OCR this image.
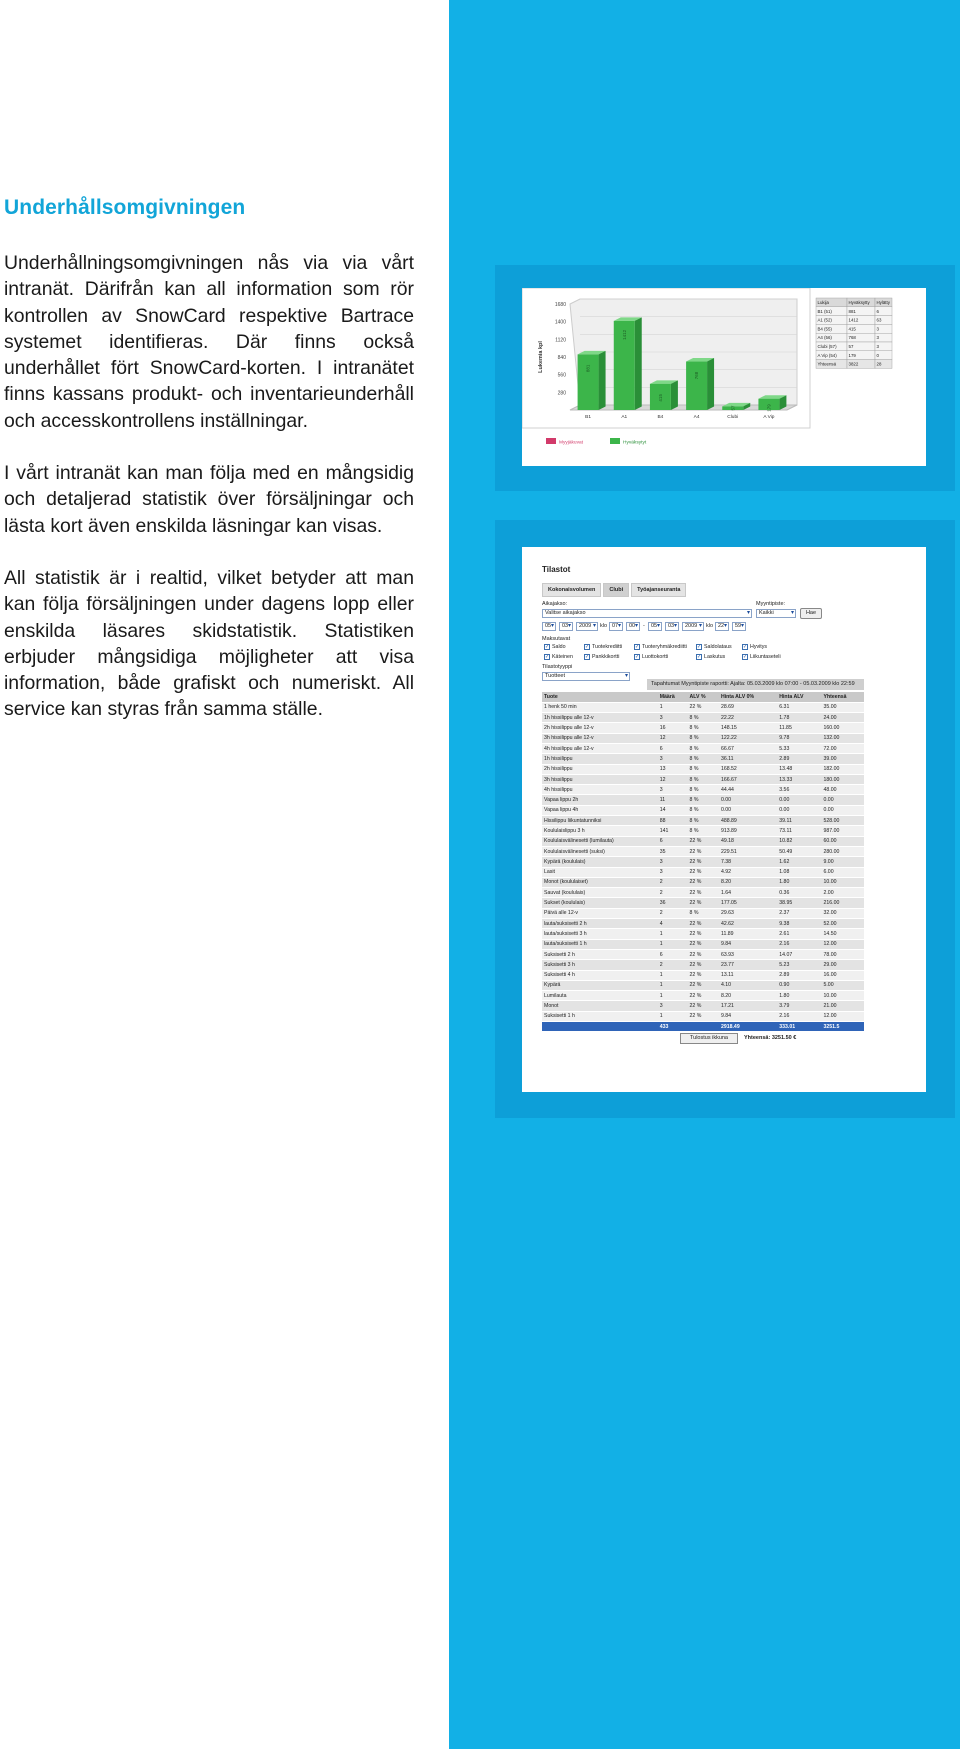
Underhållsomgivningen

Underhållningsomgivningen nås via via vårt intranät. Därifrån kan all information som rör kontrollen av SnowCard respektive Bartrace systemet identifieras. Där finns också underhållet fört SnowCard-korten. I intranätet finns kassans produkt- och inventarieunderhåll och accesskontrollens inställningar.

I vårt intranät kan man följa med en mångsidig och detaljerad statistik över försäljningar och lästa kort även enskilda läsningar kan visas.

All statistik är i realtid, vilket betyder att man kan följa försäljningen under dagens lopp eller enskilda läsares skidstatistik. Statistiken erbjuder mångsidiga möjligheter att visa information, både grafiskt och numeriskt. All service kan styras från samma ställe.

1680
1400
1120
840
560
280
Lukemia kpl	881
B1
1412
A1
415
B4
768
A4
57
Clubi
179
A Vip
Myyjäkuvat	Hyväksytyt
Lukija	Hyväksytty Hylätty
B1 (51)	881	6
A1 (52)	1412	63
B4 (55)	415	3
A4 (56)	768	3
Clubi (57)	57	3
A Vip (54)	179	0
Yhteensä	3822	28
Tilastot
Kokonaisvolumen	Clubi	Työajanseuranta
Aikajakso:
Valitse aikajakso ▾
Myyntipiste:
Kaikki ▾	Hae
05 ▾	03 ▾	2009 ▾	klo 07 ▾	00 ▾	-	05 ▾	03 ▾	2009 ▾	klo 22 ▾	59 ▾
Maksutavat
✓ Saldo	✓ Tuotekrediitti	✓ Tuoteryhmäkrediitti ✓ Saldolataus ✓ Hyvitys
✓ Käteinen ✓ Pankkikortti	✓ Luottokortti	✓ Laskutus	✓ Liikuntaseteli
Tilastotyyppi
Tuotteet ▾
Tapahtumat Myyntipiste raportti: Ajalta: 05.03.2009 klo 07:00 - 05.03.2009 klo 22:59
Tuote	Määrä	ALV %	Hinta ALV 0%	Hinta ALV	Yhteensä
1 henk 50 min	1	22 %	28.69	6.31	35.00
1h hissilippu alle 12-v	3	8 %	22.22	1.78	24.00
2h hissilippu alle 12-v	16	8 %	148.15	11.85	160.00
3h hissilippu alle 12-v	12	8 %	122.22	9.78	132.00
4h hissilippu alle 12-v	6	8 %	66.67	5.33	72.00
1h hissilippu	3	8 %	36.11	2.89	39.00
2h hissilippu	13	8 %	168.52	13.48	182.00
3h hissilippu	12	8 %	166.67	13.33	180.00
4h hissilippu	3	8 %	44.44	3.56	48.00
Vapaa lippu 2h	11	8 %	0.00	0.00	0.00
Vapaa lippu 4h	14	8 %	0.00	0.00	0.00
Hissilippu liikuntatunniksi	88	8 %	488.89	39.11	528.00
Koululaislippu 3 h	141	8 %	913.89	73.11	987.00
Koululaisvälinesetti (lumilauta)	6	22 %	49.18	10.82	60.00
Koululaisvälinesetti (suksi)	35	22 %	229.51	50.49	280.00
Kypärä (koululais)	3	22 %	7.38	1.62	9.00
Lasit	3	22 %	4.92	1.08	6.00
Monot (koululaiset)	2	22 %	8.20	1.80	10.00
Sauvat (koululais)	2	22 %	1.64	0.36	2.00
Sukset (koululais)	36	22 %	177.05	38.95	216.00
Päivä alle 12-v	2	8 %	29.63	2.37	32.00
lauta/suksisetti 2 h	4	22 %	42.62	9.38	52.00
lauta/suksisetti 3 h	1	22 %	11.89	2.61	14.50
lauta/suksisetti 1 h	1	22 %	9.84	2.16	12.00
Suksisetti 2 h	6	22 %	63.93	14.07	78.00
Suksisetti 3 h	2	22 %	23.77	5.23	29.00
Suksisetti 4 h	1	22 %	13.11	2.89	16.00
Kypärä	1	22 %	4.10	0.90	5.00
Lumilauta	1	22 %	8.20	1.80	10.00
Monot	3	22 %	17.21	3.79	21.00
Suksisetti 1 h	1	22 %	9.84	2.16	12.00
	433		2918.49	333.01	3251.5
Tulostus ikkuna	Yhteensä: 3251.50 €
